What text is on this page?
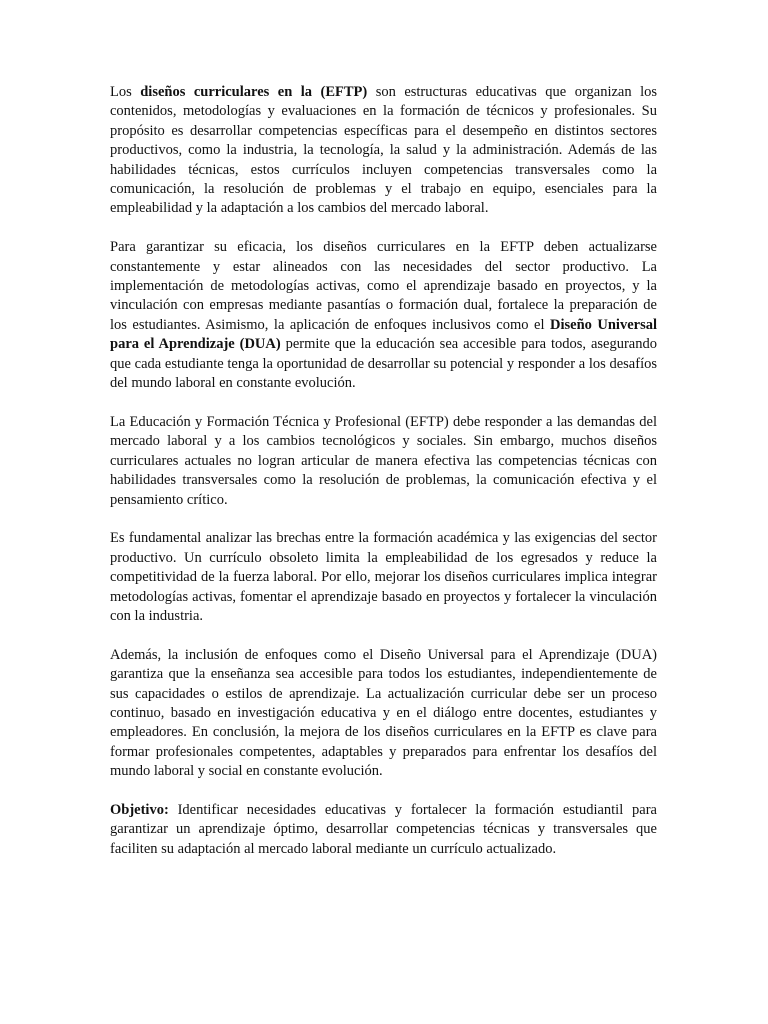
Los diseños curriculares en la (EFTP) son estructuras educativas que organizan los contenidos, metodologías y evaluaciones en la formación de técnicos y profesionales. Su propósito es desarrollar competencias específicas para el desempeño en distintos sectores productivos, como la industria, la tecnología, la salud y la administración. Además de las habilidades técnicas, estos currículos incluyen competencias transversales como la comunicación, la resolución de problemas y el trabajo en equipo, esenciales para la empleabilidad y la adaptación a los cambios del mercado laboral.

Para garantizar su eficacia, los diseños curriculares en la EFTP deben actualizarse constantemente y estar alineados con las necesidades del sector productivo. La implementación de metodologías activas, como el aprendizaje basado en proyectos, y la vinculación con empresas mediante pasantías o formación dual, fortalece la preparación de los estudiantes. Asimismo, la aplicación de enfoques inclusivos como el Diseño Universal para el Aprendizaje (DUA) permite que la educación sea accesible para todos, asegurando que cada estudiante tenga la oportunidad de desarrollar su potencial y responder a los desafíos del mundo laboral en constante evolución.

La Educación y Formación Técnica y Profesional (EFTP) debe responder a las demandas del mercado laboral y a los cambios tecnológicos y sociales. Sin embargo, muchos diseños curriculares actuales no logran articular de manera efectiva las competencias técnicas con habilidades transversales como la resolución de problemas, la comunicación efectiva y el pensamiento crítico.

Es fundamental analizar las brechas entre la formación académica y las exigencias del sector productivo. Un currículo obsoleto limita la empleabilidad de los egresados y reduce la competitividad de la fuerza laboral. Por ello, mejorar los diseños curriculares implica integrar metodologías activas, fomentar el aprendizaje basado en proyectos y fortalecer la vinculación con la industria.

Además, la inclusión de enfoques como el Diseño Universal para el Aprendizaje (DUA) garantiza que la enseñanza sea accesible para todos los estudiantes, independientemente de sus capacidades o estilos de aprendizaje. La actualización curricular debe ser un proceso continuo, basado en investigación educativa y en el diálogo entre docentes, estudiantes y empleadores. En conclusión, la mejora de los diseños curriculares en la EFTP es clave para formar profesionales competentes, adaptables y preparados para enfrentar los desafíos del mundo laboral y social en constante evolución.

Objetivo: Identificar necesidades educativas y fortalecer la formación estudiantil para garantizar un aprendizaje óptimo, desarrollar competencias técnicas y transversales que faciliten su adaptación al mercado laboral mediante un currículo actualizado.
